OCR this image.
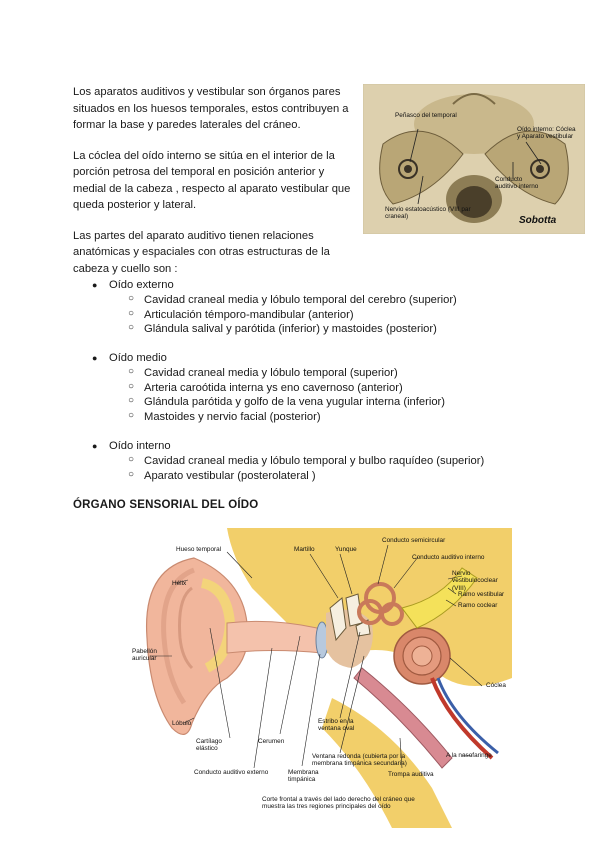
Los aparatos auditivos y vestibular son órganos pares situados en los huesos temporales, estos contribuyen a formar la base y paredes laterales del cráneo.

La cóclea del oído interno se sitúa en el interior de la porción petrosa del temporal en posición anterior y medial de la cabeza , respecto al aparato vestibular que queda posterior y lateral.

Las partes del aparato auditivo tienen relaciones anatómicas y espaciales con otras estructuras de la cabeza y cuello son :

Peñasco del temporal
Oído interno: Cóclea y Aparato vestibular
Conducto auditivo interno
Nervio estatoacústico (VIII par craneal)	Sobotta
● Oído externo
○ Cavidad craneal media y lóbulo temporal del cerebro (superior)
○ Articulación témporo-mandibular (anterior)
○ Glándula salival y parótida (inferior) y mastoides (posterior)
● Oído medio
○ Cavidad craneal media y lóbulo temporal (superior)
○ Arteria caroótida interna ys eno cavernoso (anterior)
○ Glándula parótida y golfo de la vena yugular interna (inferior)
○ Mastoides y nervio facial (posterior)
● Oído interno
○ Cavidad craneal media y lóbulo temporal y bulbo raquídeo (superior)
○ Aparato vestibular (posterolateral )
ÓRGANO SENSORIAL DEL OÍDO
Hueso temporal	Martillo	Yunque
Conducto semicircular
Conducto auditivo interno
Nervio vestibulococlear (VIII)
Ramo vestibular
Ramo coclear
Hélix
Pabellón auricular
Cóclea
Lóbulo	Estribo en la ventana oval
A la nasofaringe
Cartílago elástico
Cerumen
Ventana redonda (cubierta por la membrana timpánica secundaria)
Conducto auditivo externo	Membrana timpánica
Trompa auditiva
Corte frontal a través del lado derecho del cráneo que muestra las tres regiones principales del oído
